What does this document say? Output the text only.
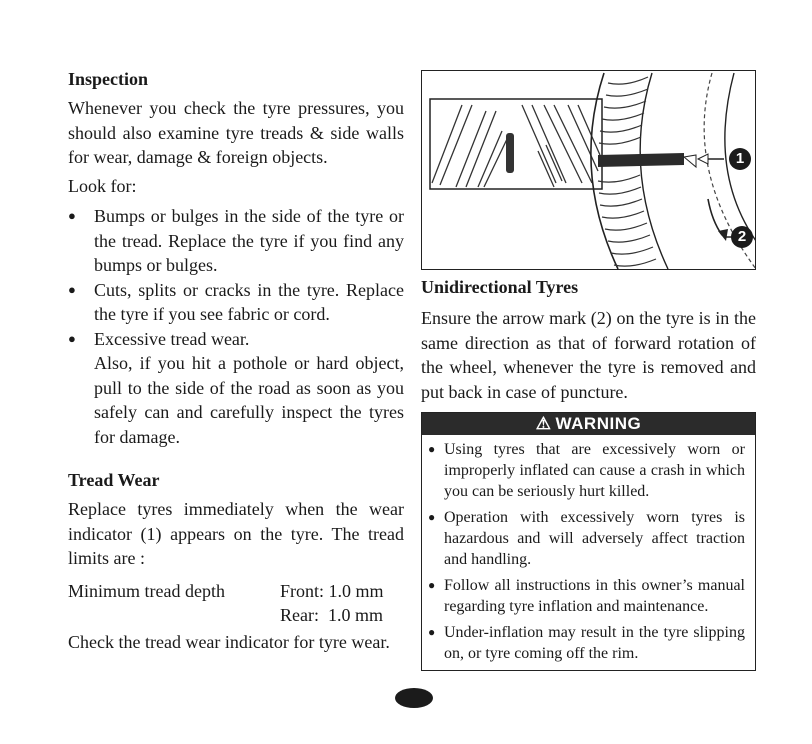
Inspection

Whenever you check the tyre pressures, you should also examine tyre treads & side walls for wear, damage & foreign objects.

Look for:

● Bumps or bulges in the side of the tyre or the tread. Replace the tyre if you find any bumps or bulges.
● Cuts, splits or cracks in the tyre. Replace the tyre if you see fabric or cord.
● Excessive tread wear.

Also, if you hit a pothole or hard object, pull to the side of the road as soon as you safely can and carefully inspect the tyres for damage.

Tread Wear

Replace tyres immediately when the wear indicator (1) appears on the tyre. The tread limits are :

Minimum tread depth	Front: 1.0 mm
Rear:  1.0 mm

Check the tread wear indicator for tyre wear.

1
2
Unidirectional Tyres

Ensure the arrow mark (2) on the tyre is in the same direction as that of forward rotation of the wheel, whenever the tyre is removed and put back in case of puncture.

⚠ WARNING
● Using tyres that are excessively worn or improperly inflated can cause a crash in which you can be seriously hurt killed.
● Operation with excessively worn tyres is hazardous and will adversely affect traction and handling.
● Follow all instructions in this owner’s manual regarding tyre inflation and maintenance.
● Under-inflation may result in the tyre slipping on, or tyre coming off the rim.
